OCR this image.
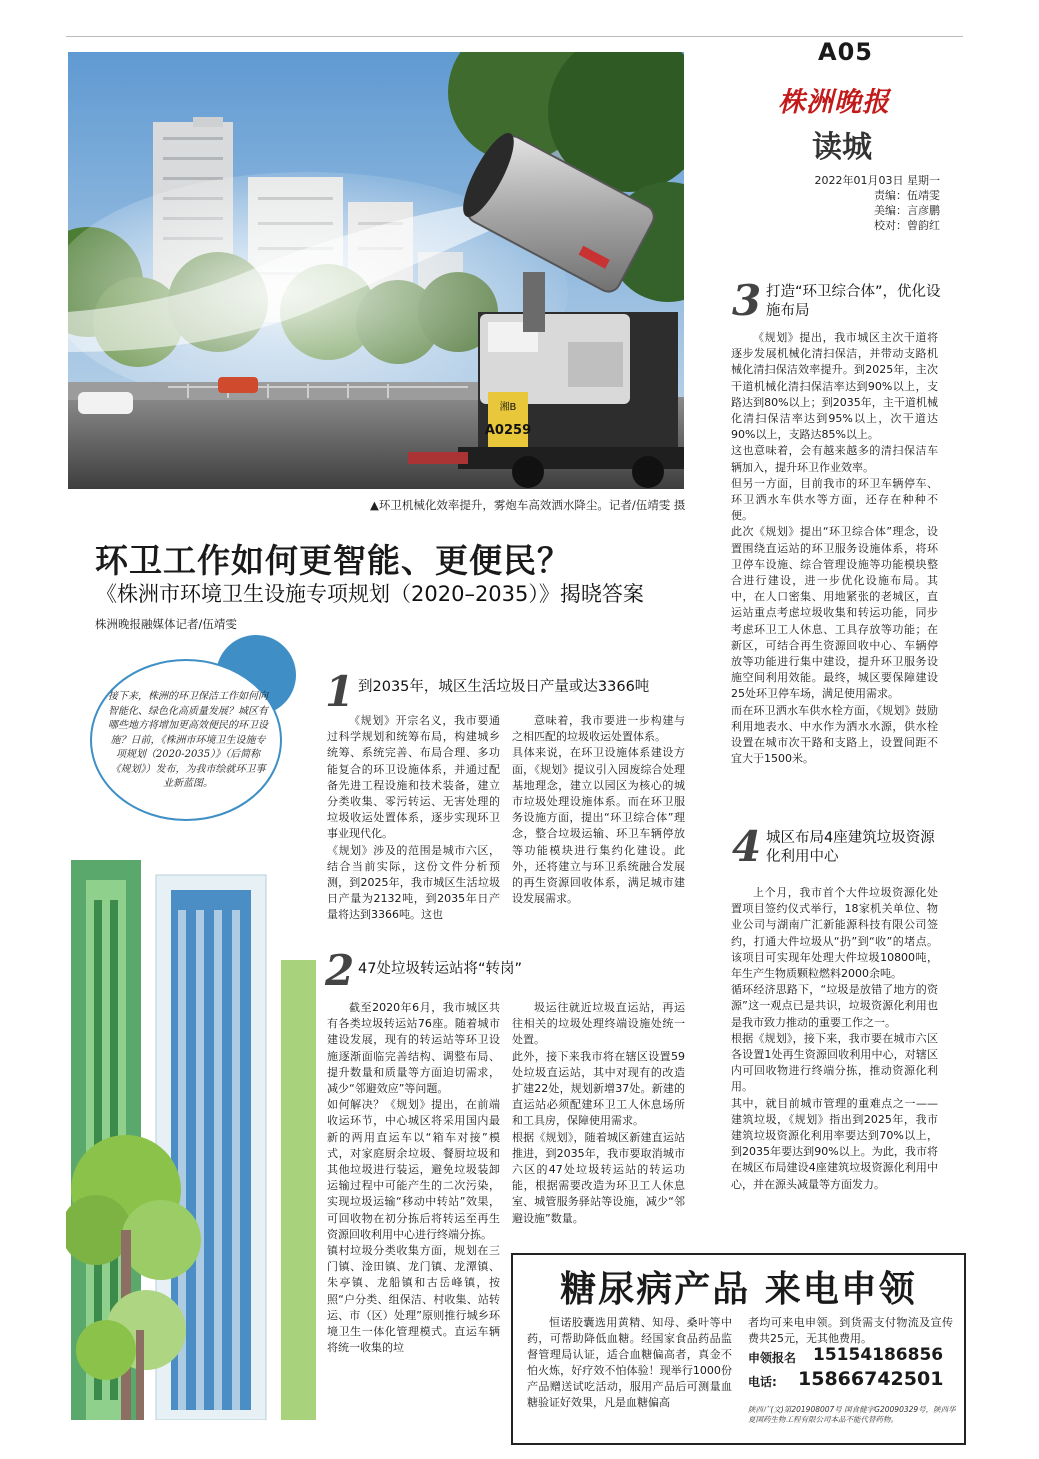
A05
株洲晚报
读城
2022年01月03日 星期一
责编：伍靖雯
美编：言彦鹏
校对：曾韵红
湘B
A0259
▲环卫机械化效率提升，雾炮车高效洒水降尘。记者/伍靖雯 摄
环卫工作如何更智能、更便民？
《株洲市环境卫生设施专项规划（2020–2035）》揭晓答案
株洲晚报融媒体记者/伍靖雯
接下来，株洲的环卫保洁工作如何向智能化、绿色化高质量发展？城区有哪些地方将增加更高效便民的环卫设施？日前，《株洲市环境卫生设施专项规划（2020-2035）》（后简称《规划》）发布，为我市绘就环卫事业新蓝图。
1 到2035年，城区生活垃圾日产量或达3366吨
《规划》开宗名义，我市要通过科学规划和统筹布局，构建城乡统筹、系统完善、布局合理、多功能复合的环卫设施体系，并通过配备先进工程设施和技术装备，建立分类收集、零污转运、无害处理的垃圾收运处置体系，逐步实现环卫事业现代化。
《规划》涉及的范围是城市六区，结合当前实际，这份文件分析预测，到2025年，我市城区生活垃圾日产量为2132吨，到2035年日产量将达到3366吨。这也
意味着，我市要进一步构建与之相匹配的垃圾收运处置体系。
具体来说，在环卫设施体系建设方面，《规划》提议引入园废综合处理基地理念，建立以园区为核心的城市垃圾处理设施体系。而在环卫服务设施方面，提出“环卫综合体”理念，整合垃圾运输、环卫车辆停放等功能模块进行集约化建设。此外，还将建立与环卫系统融合发展的再生资源回收体系，满足城市建设发展需求。
2 47处垃圾转运站将“转岗”
截至2020年6月，我市城区共有各类垃圾转运站76座。随着城市建设发展，现有的转运站等环卫设施逐渐面临完善结构、调整布局、提升数量和质量等方面迫切需求，减少“邻避效应”等问题。
如何解决？《规划》提出，在前端收运环节，中心城区将采用国内最新的两用直运车以“箱车对接”模式，对家庭厨余垃圾、餐厨垃圾和其他垃圾进行装运，避免垃圾装卸运输过程中可能产生的二次污染，实现垃圾运输“移动中转站”效果，可回收物在初分拣后将转运至再生资源回收利用中心进行终端分拣。
镇村垃圾分类收集方面，规划在三门镇、淦田镇、龙门镇、龙潭镇、朱亭镇、龙船镇和古岳峰镇，按照“户分类、组保洁、村收集、站转运、市（区）处理”原则推行城乡环境卫生一体化管理模式。直运车辆将统一收集的垃
圾运往就近垃圾直运站，再运往相关的垃圾处理终端设施处统一处置。
此外，接下来我市将在辖区设置59处垃圾直运站，其中对现有的改造扩建22处，规划新增37处。新建的直运站必须配建环卫工人休息场所和工具房，保障使用需求。
根据《规划》，随着城区新建直运站推进，到2035年，我市要取消城市六区的47处垃圾转运站的转运功能，根据需要改造为环卫工人休息室、城管服务驿站等设施，减少“邻避设施”数量。
3 打造“环卫综合体”，优化设施布局
《规划》提出，我市城区主次干道将逐步发展机械化清扫保洁，并带动支路机械化清扫保洁效率提升。到2025年，主次干道机械化清扫保洁率达到90%以上，支路达到80%以上；到2035年，主干道机械化清扫保洁率达到95%以上，次干道达90%以上，支路达85%以上。
这也意味着，会有越来越多的清扫保洁车辆加入，提升环卫作业效率。
但另一方面，目前我市的环卫车辆停车、环卫洒水车供水等方面，还存在种种不便。
此次《规划》提出“环卫综合体”理念，设置围绕直运站的环卫服务设施体系，将环卫停车设施、综合管理设施等功能模块整合进行建设，进一步优化设施布局。其中，在人口密集、用地紧张的老城区，直运站重点考虑垃圾收集和转运功能，同步考虑环卫工人休息、工具存放等功能；在新区，可结合再生资源回收中心、车辆停放等功能进行集中建设，提升环卫服务设施空间利用效能。最终，城区要保障建设25处环卫停车场，满足使用需求。
而在环卫洒水车供水栓方面，《规划》鼓励利用地表水、中水作为洒水水源，供水栓设置在城市次干路和支路上，设置间距不宜大于1500米。
4 城区布局4座建筑垃圾资源化利用中心
上个月，我市首个大件垃圾资源化处置项目签约仪式举行，18家机关单位、物业公司与湖南广汇新能源科技有限公司签约，打通大件垃圾从“扔”到“收”的堵点。该项目可实现年处理大件垃圾10800吨，年生产生物质颗粒燃料2000余吨。
循环经济思路下，“垃圾是放错了地方的资源”这一观点已是共识，垃圾资源化利用也是我市致力推动的重要工作之一。
根据《规划》，接下来，我市要在城市六区各设置1处再生资源回收利用中心，对辖区内可回收物进行终端分拣，推动资源化利用。
其中，就目前城市管理的重难点之一——建筑垃圾，《规划》指出到2025年，我市建筑垃圾资源化利用率要达到70%以上，到2035年要达到90%以上。为此，我市将在城区布局建设4座建筑垃圾资源化利用中心，并在源头减量等方面发力。
糖尿病产品 来电申领
恒诺胶囊选用黄精、知母、桑叶等中药，可帮助降低血糖。经国家食品药品监督管理局认证，适合血糖偏高者，真金不怕火炼，好疗效不怕体验！现举行1000份产品赠送试吃活动，服用产品后可测量血糖验证好效果，凡是血糖偏高
者均可来电申领。到货需支付物流及宣传费共25元，无其他费用。
申领报名 15154186856
电话: 15866742501
陕西广(文)第201908007号 国食健字G20090329号，陕西华夏国药生物工程有限公司本品不能代替药物。
